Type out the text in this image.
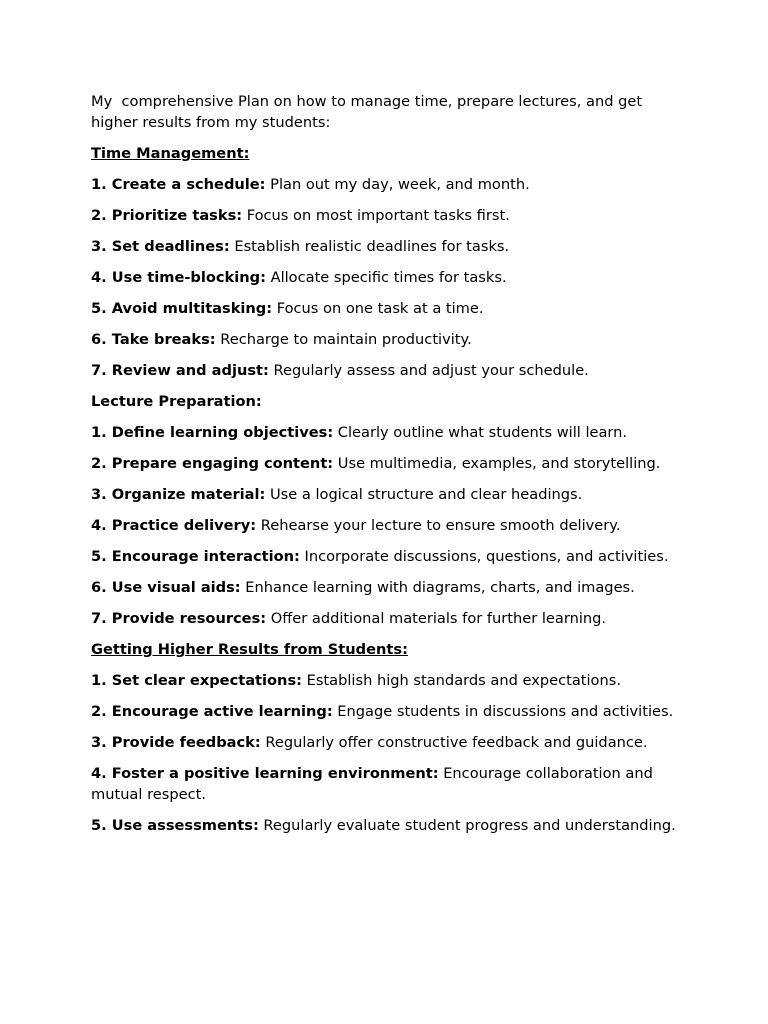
My  comprehensive Plan on how to manage time, prepare lectures, and get higher results from my students:

Time Management:

1. Create a schedule: Plan out my day, week, and month.

2. Prioritize tasks: Focus on most important tasks first.

3. Set deadlines: Establish realistic deadlines for tasks.

4. Use time-blocking: Allocate specific times for tasks.

5. Avoid multitasking: Focus on one task at a time.

6. Take breaks: Recharge to maintain productivity.

7. Review and adjust: Regularly assess and adjust your schedule.

Lecture Preparation:

1. Define learning objectives: Clearly outline what students will learn.

2. Prepare engaging content: Use multimedia, examples, and storytelling.

3. Organize material: Use a logical structure and clear headings.

4. Practice delivery: Rehearse your lecture to ensure smooth delivery.

5. Encourage interaction: Incorporate discussions, questions, and activities.

6. Use visual aids: Enhance learning with diagrams, charts, and images.

7. Provide resources: Offer additional materials for further learning.

Getting Higher Results from Students:

1. Set clear expectations: Establish high standards and expectations.

2. Encourage active learning: Engage students in discussions and activities.

3. Provide feedback: Regularly offer constructive feedback and guidance.

4. Foster a positive learning environment: Encourage collaboration and mutual respect.

5. Use assessments: Regularly evaluate student progress and understanding.
